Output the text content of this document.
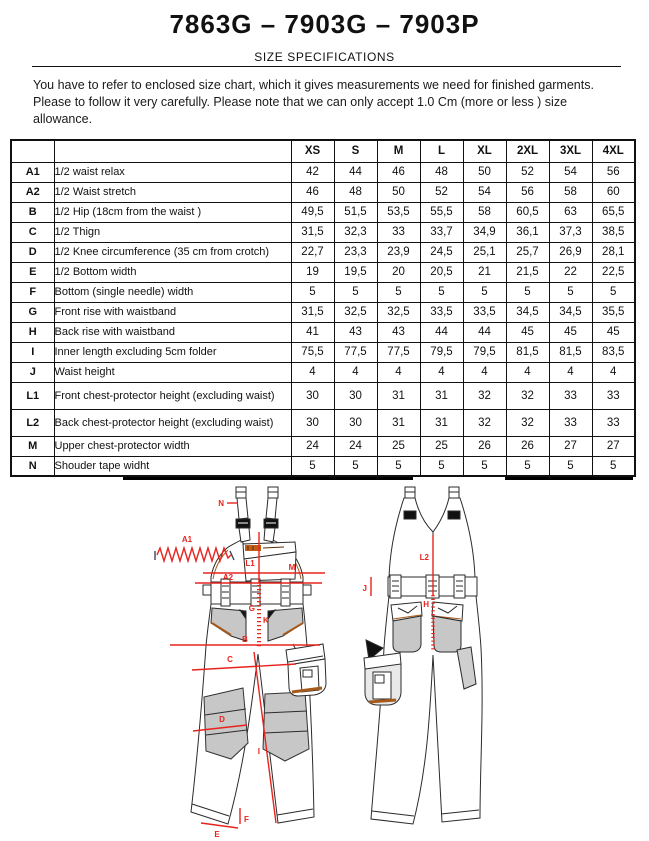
7863G – 7903G – 7903P
SIZE SPECIFICATIONS

You have to refer to enclosed size chart, which it gives measurements we need for finished garments. Please to follow it very carefully. Please note that we can only accept 1.0 Cm (more or less ) size allowance.

		XS	S	M	L	XL	2XL	3XL	4XL
A1	1/2 waist relax	42	44	46	48	50	52	54	56
A2	1/2 Waist stretch	46	48	50	52	54	56	58	60
B	1/2 Hip (18cm from the waist )	49,5	51,5	53,5	55,5	58	60,5	63	65,5
C	1/2 Thign	31,5	32,3	33	33,7	34,9	36,1	37,3	38,5
D	1/2 Knee circumference (35 cm from crotch)	22,7	23,3	23,9	24,5	25,1	25,7	26,9	28,1
E	1/2 Bottom width	19	19,5	20	20,5	21	21,5	22	22,5
F	Bottom (single needle) width	5	5	5	5	5	5	5	5
G	Front rise with waistband	31,5	32,5	32,5	33,5	33,5	34,5	34,5	35,5
H	Back rise with waistband	41	43	43	44	44	45	45	45
I	Inner length excluding 5cm folder	75,5	77,5	77,5	79,5	79,5	81,5	81,5	83,5
J	Waist height	4	4	4	4	4	4	4	4
L1	Front chest-protector height (excluding waist)	30	30	31	31	32	32	33	33
L2	Back chest-protector height (excluding waist)	30	30	31	31	32	32	33	33
M	Upper chest-protector width	24	24	25	25	26	26	27	27
N	Shouder tape widht	5	5	5	5	5	5	5	5
N
A1
L1	M
A2
G
K
B
C
D
I
F
E
L2
J
H
